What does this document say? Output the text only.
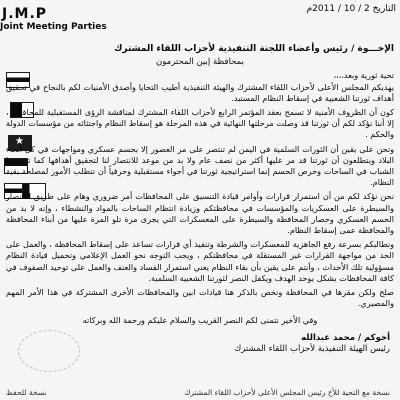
J.M.P
Joint Meeting Parties
التاريخ 2 / 10 / 2011م
★
الإخـــوة / رئيس وأعضاء اللجنة التنفيذية لأحزاب اللقاء المشترك
بمحافظة إبين المحترمون
تحية ثورية وبعد،،،،
يهديكم المجلس الأعلى لأحزاب اللقاء المشترك والهيئة التنفيذية أطيب التحايا وأصدق الأمنيات لكم بالنجاح في تحقيق أهداف ثورتنا الشعبية في إسقاط النظام المستبد.
كون أن الظروف الأمنية لا تسمح بعقد المؤتمر الرابع لأحزاب اللقاء المشترك لمناقشة الرؤى المستقبلية للمحافظة ، إلا أننا نؤكد لكم أن ثورتنا قد وصلت مرحلتها النهائية في هذه المرحلة هو إسقاط النظام واجتثاثه من مؤسسات الدولة والحكم .
وتحن على يقين أن الثورات السلمية في اليمن لم تنتصر على مر العصور إلا بحسم عسكري ومواجهات في كل أنحاء البلاد ويتطلعون أن ثورتنا قد مر عليها أكثر من نصف عام ولا بد من موعد للانتصار لنا لتحقيق أهدافها كما ترسمها الشباب في الساحات وحرص الحسم إنما استراتيجية ثورتنا في أجواء مستقبلية وحرفياً أن تتطلب الأمور لمصلحة بقية النظام.
نحن نؤكد لكم من أن استمرار قرارات وأوامر قيادة التنسيق على المحافظات أمر ضروري وهام على طريق الانتصار والسيطرة على العسكريات والمؤسسات في محافظتكم وزيادة انتظام الساحات بالمواد والنشطاء ، وإنه لا بد من الحسم العسكري وحصار المحافظة والسيطرة على المعسكرات التي يجرى مرة تلو المرة عليها من أبناء المحافظة والمحافظة عمى إسقاط النظام.
ونطالبكم بسرعة رفع الجاهزية للمعسكرات والشرطة وتنفيذ أي قرارات تساعد على إسقاط المحافظة ، والعمل على الحد من مواجهة القرارات غير المستقلة في محافظتكم ، ويجب التوجه نحو العمل الإعلامي وتحميل قيادة النظام مسؤولية تلك الأحداث ، وأنتم على يقين بأن بقاء النظام يعني استمرار الفساد والعنف والعمل على توحيد الصفوف في كافة المحافظات بشكل يوحد الهدف ويكفل النصر لثورتنا الشعبية السلمية.
صلح ولكن مقرها في المحافظة ونخص بالذكر هنا قيادات ابين والمحافظات الأخرى المشتركة في هذا الأمر المهم والمصيري.
وفي الأخير نتمنى لكم النصر القريب والسلام عليكم ورحمة الله وبركاته
أخوكم / محمد عبدالله
رئيس الهيئة التنفيذية لأحزاب اللقاء المشترك
نسخة مع التحية للأخ رئيس المجلس الأعلى لأحزاب اللقاء المشترك
نسخة للحفظ
